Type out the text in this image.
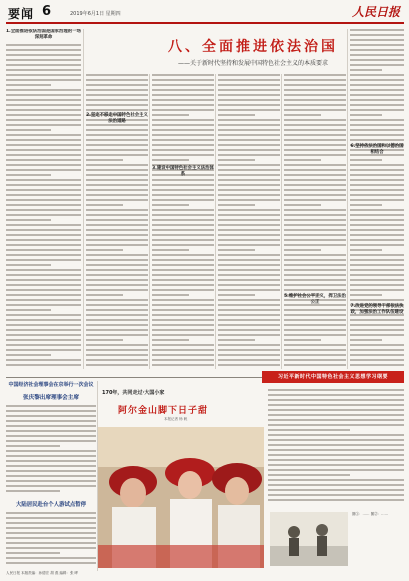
要闻 6	2019年6月1日 星期四	人民日报
八、全面推进依法治国
——关于新时代坚持和发展中国特色社会主义的本质要求
1.全面推进依法治国是国家治理的一场深刻革命
2.坚定不移走中国特色社会主义法治道路
3.建设中国特色社会主义法治体系
5.维护社会公平正义，捍卫法治公正
6.坚持依法治国和以德治国相结合
7.改进党的领导干部依法执政，加强法治工作队伍建设
习近平新时代中国特色社会主义思想学习纲要
中国经济社会理事会在京举行一次会议
张庆黎出席理事会主席
大陆居民赴台个人游试点暂停
170年，共同走过·大国小家
阿尔金山脚下日子甜
本报记者 杨 帆
图①：…… 图②：……
人民日报 本版责编：孙德宏 胡 燕 编辑：张 晔
